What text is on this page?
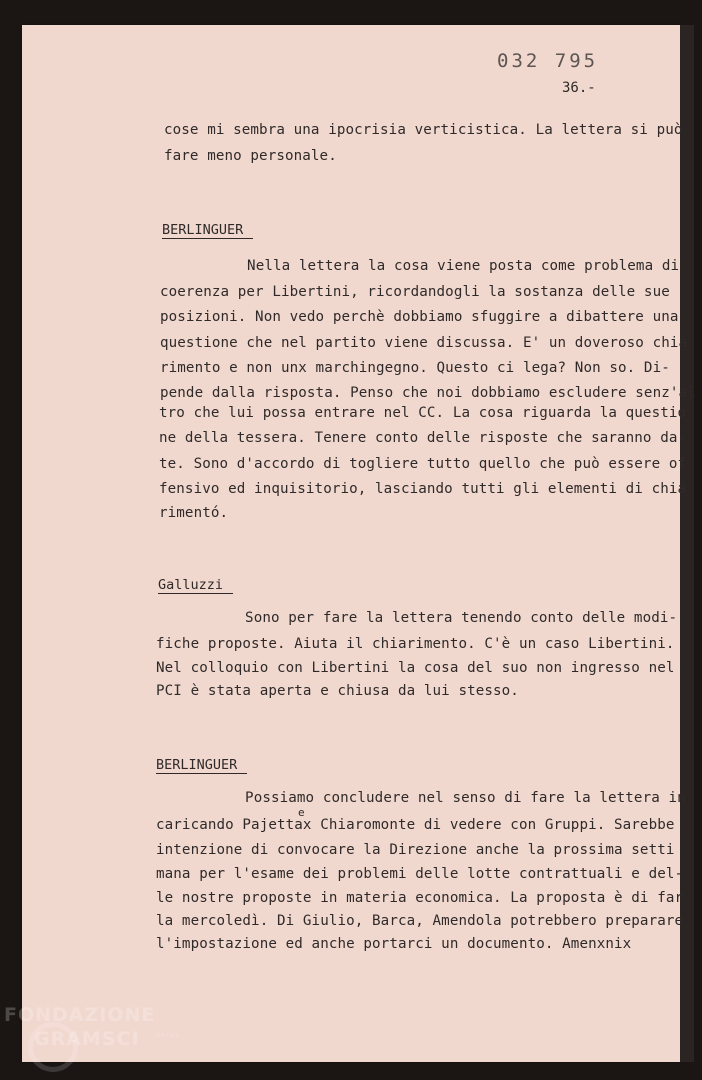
032 795
36.-
cose mi sembra una ipocrisia verticistica. La lettera si può
fare meno personale.
BERLINGUER
Nella lettera la cosa viene posta come problema di
coerenza per Libertini, ricordandogli la sostanza delle sue
posizioni. Non vedo perchè dobbiamo sfuggire a dibattere una
questione che nel partito viene discussa. E' un doveroso chia
rimento e non unx marchingegno. Questo ci lega? Non so. Di-
pende dalla risposta. Penso che noi dobbiamo escludere senz'al
tro che lui possa entrare nel CC. La cosa riguarda la questio
ne della tessera. Tenere conto delle risposte che saranno da-
te. Sono d'accordo di togliere tutto quello che può essere of
fensivo ed inquisitorio, lasciando tutti gli elementi di chia
rimentó.
Galluzzi
Sono per fare la lettera tenendo conto delle modi-
fiche proposte. Aiuta il chiarimento. C'è un caso Libertini.
Nel colloquio con Libertini la cosa del suo non ingresso nel
PCI è stata aperta e chiusa da lui stesso.
BERLINGUER
Possiamo concludere nel senso di fare la lettera in
caricando Pajettax Chiaromonte di vedere con Gruppi. Sarebbe
intenzione di convocare la Direzione anche la prossima setti
mana per l'esame dei problemi delle lotte contrattuali e del-
le nostre proposte in materia economica. La proposta è di far
la mercoledì. Di Giulio, Barca, Amendola potrebbero preparare
l'impostazione ed anche portarci un documento. Amenxnix
e
FONDAZIONE
GRAMSCI	onlus
